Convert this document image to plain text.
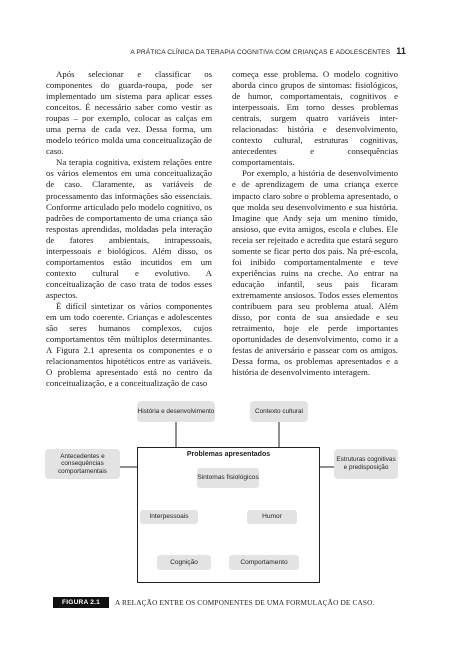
A PRÁTICA CLÍNICA DA TERAPIA COGNITIVA COM CRIANÇAS E ADOLESCENTES 11

Após selecionar e classificar os componentes do guarda-roupa, pode ser implementado um sistema para aplicar esses conceitos. É necessário saber como vestir as roupas – por exemplo, colocar as calças em uma perna de cada vez. Dessa forma, um modelo teórico molda uma conceitualização de caso.

Na terapia cognitiva, existem relações entre os vários elementos em uma conceitualização de caso. Claramente, as variáveis de processamento das informações são essenciais. Conforme articulado pelo modelo cognitivo, os padrões de comportamento de uma criança são respostas aprendidas, moldadas pela interação de fatores ambientais, intrapessoais, interpessoais e biológicos. Além disso, os comportamentos estão incutidos em um contexto cultural e evolutivo. A conceitualização de caso trata de todos esses aspectos.

É difícil sintetizar os vários componentes em um todo coerente. Crianças e adolescentes são seres humanos complexos, cujos comportamentos têm múltiplos determinantes. A Figura 2.1 apresenta os componentes e o relacionamentos hipotéticos entre as variáveis. O problema apresentado está no centro da conceitualização, e a conceitualização de caso

começa esse problema. O modelo cognitivo aborda cinco grupos de sintomas: fisiológicos, de humor, comportamentais, cognitivos e interpessoais. Em torno desses problemas centrais, surgem quatro variáveis inter-relacionadas: história e desenvolvimento, contexto cultural, estruturas cognitivas, antecedentes e consequências comportamentais.

Por exemplo, a história de desenvolvimento e de aprendizagem de uma criança exerce impacto claro sobre o problema apresentado, o que molda seu desenvolvimento e sua história. Imagine que Andy seja um menino tímido, ansioso, que evita amigos, escola e clubes. Ele receia ser rejeitado e acredita que estará seguro somente se ficar perto dos pais. Na pré-escola, foi inibido comportamentalmente e teve experiências ruins na creche. Ao entrar na educação infantil, seus pais ficaram extremamente ansiosos. Todos esses elementos contribuem para seu problema atual. Além disso, por conta de sua ansiedade e seu retraimento, hoje ele perde importantes oportunidades de desenvolvimento, como ir a festas de aniversário e passear com os amigos. Dessa forma, os problemas apresentados e a história de desenvolvimento interagem.

História e desenvolvimento	Contexto cultural
Antecedentes e consequências comportamentais
Estruturas cognitivas e predisposição
Problemas apresentados
Sintomas fisiológicos
Interpessoais	Humor
Cognição	Comportamento
FIGURA 2.1	A RELAÇÃO ENTRE OS COMPONENTES DE UMA FORMULAÇÃO DE CASO.
